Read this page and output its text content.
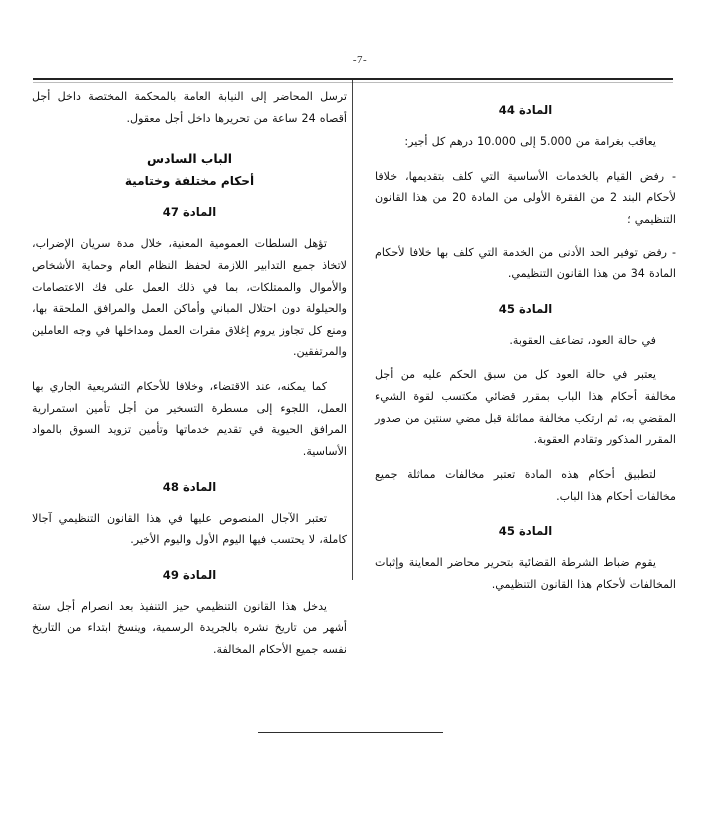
-7-
المادة 44

يعاقب بغرامة من 5.000 إلى 10.000 درهم كل أجير:

- رفض القيام بالخدمات الأساسية التي كلف بتقديمها، خلافا لأحكام البند 2 من الفقرة الأولى من المادة 20 من هذا القانون التنظيمي ؛

- رفض توفير الحد الأدنى من الخدمة التي كلف بها خلافا لأحكام المادة 34 من هذا القانون التنظيمي.

المادة 45

في حالة العود، تضاعف العقوبة.

يعتبر في حالة العود كل من سبق الحكم عليه من أجل مخالفة أحكام هذا الباب بمقرر قضائي مكتسب لقوة الشيء المقضي به، ثم ارتكب مخالفة مماثلة قبل مضي سنتين من صدور المقرر المذكور وتقادم العقوبة.

لتطبيق أحكام هذه المادة تعتبر مخالفات مماثلة جميع مخالفات أحكام هذا الباب.

المادة 45

يقوم ضباط الشرطة القضائية بتحرير محاضر المعاينة وإثبات المخالفات لأحكام هذا القانون التنظيمي.

ترسل المحاضر إلى النيابة العامة بالمحكمة المختصة داخل أجل أقصاه 24 ساعة من تحريرها داخل أجل معقول.

الباب السادس
أحكام مختلفة وختامية
المادة 47

تؤهل السلطات العمومية المعنية، خلال مدة سريان الإضراب، لاتخاذ جميع التدابير اللازمة لحفظ النظام العام وحماية الأشخاص والأموال والممتلكات، بما في ذلك العمل على فك الاعتصامات والحيلولة دون احتلال المباني وأماكن العمل والمرافق الملحقة بها، ومنع كل تجاوز يروم إغلاق مقرات العمل ومداخلها في وجه العاملين والمرتفقين.

كما يمكنه، عند الاقتضاء، وخلافا للأحكام التشريعية الجاري بها العمل، اللجوء إلى مسطرة التسخير من أجل تأمين استمرارية المرافق الحيوية في تقديم خدماتها وتأمين تزويد السوق بالمواد الأساسية.

المادة 48

تعتبر الآجال المنصوص عليها في هذا القانون التنظيمي آجالا كاملة، لا يحتسب فيها اليوم الأول واليوم الأخير.

المادة 49

يدخل هذا القانون التنظيمي حيز التنفيذ بعد انصرام أجل ستة أشهر من تاريخ نشره بالجريدة الرسمية، وينسخ ابتداء من التاريخ نفسه جميع الأحكام المخالفة.
